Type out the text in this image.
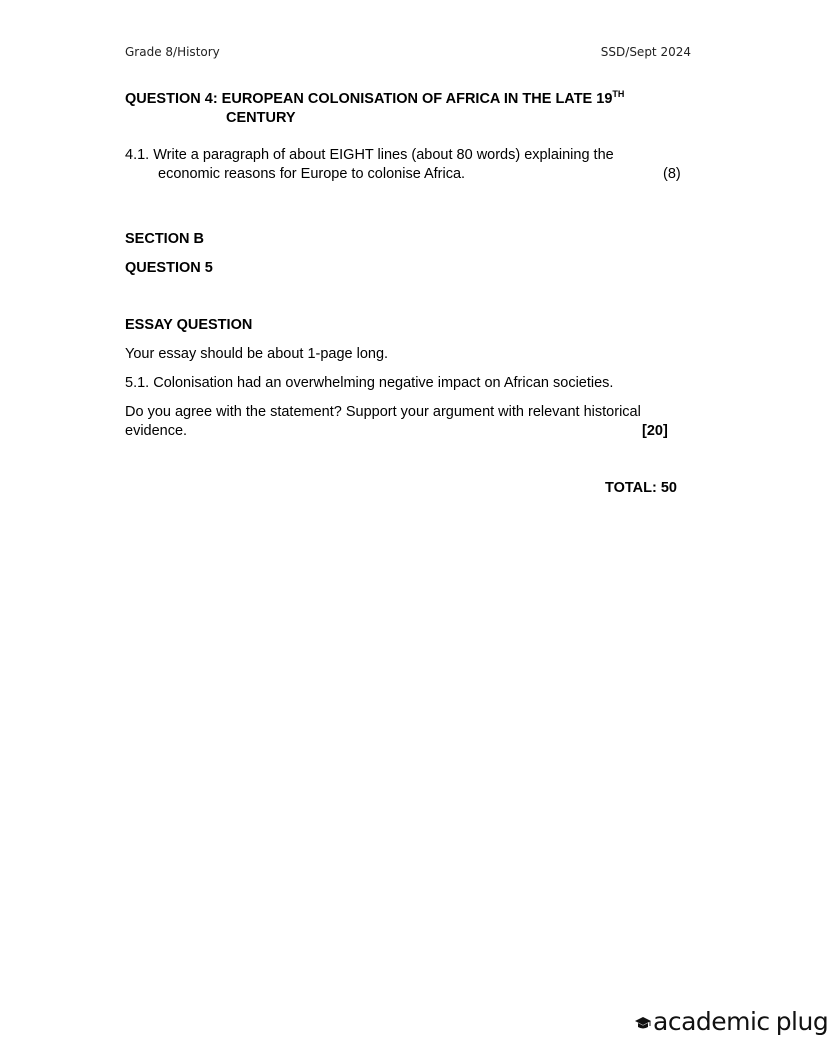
Grade 8/History	SSD/Sept 2024
QUESTION 4: EUROPEAN COLONISATION OF AFRICA IN THE LATE 19TH
CENTURY
4.1. Write a paragraph of about EIGHT lines (about 80 words) explaining the
economic reasons for Europe to colonise Africa.	(8)
SECTION B
QUESTION 5
ESSAY QUESTION
Your essay should be about 1-page long.
5.1. Colonisation had an overwhelming negative impact on African societies.
Do you agree with the statement? Support your argument with relevant historical
evidence.	[20]
TOTAL: 50
academic plug
